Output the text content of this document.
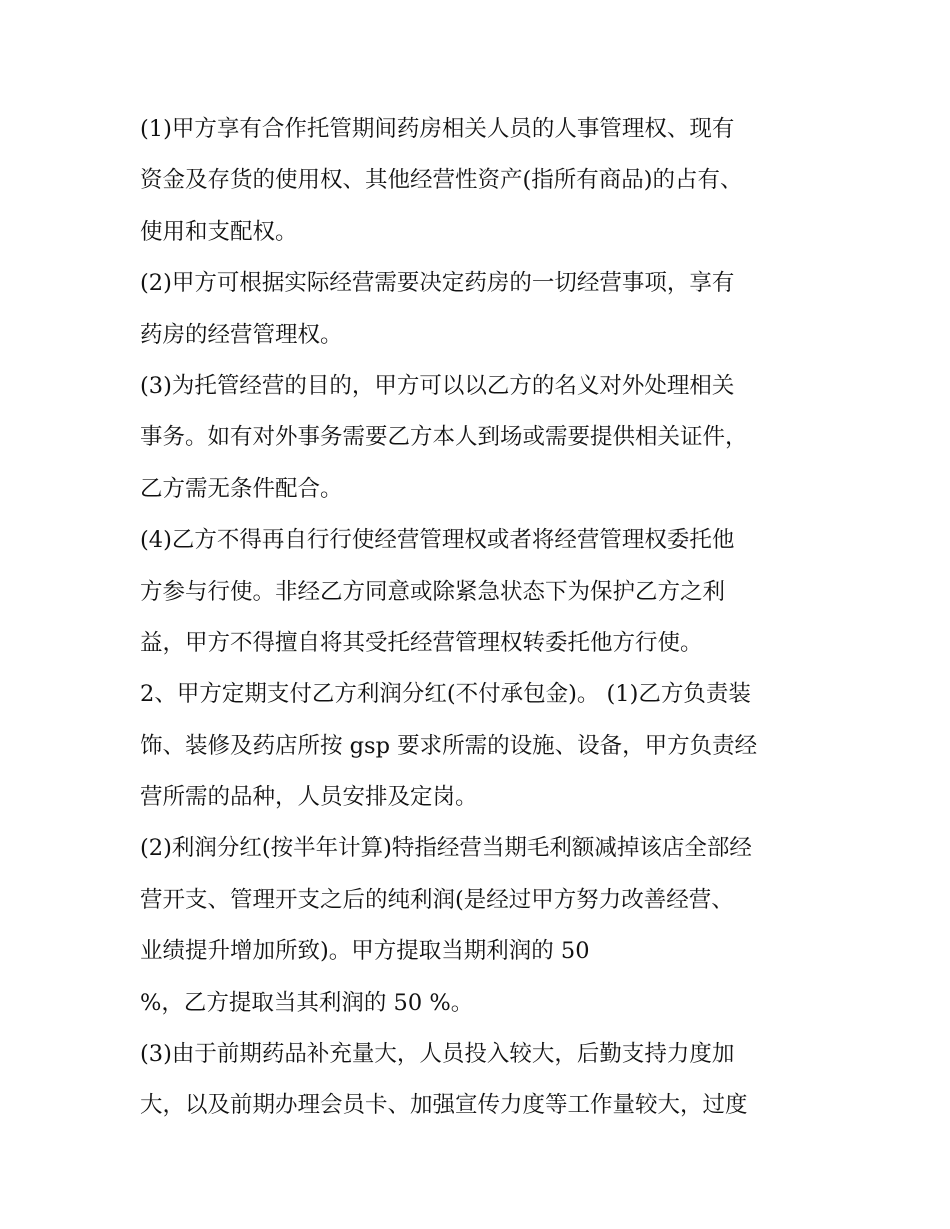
(1)甲方享有合作托管期间药房相关人员的人事管理权、现有
资金及存货的使用权、其他经营性资产(指所有商品)的占有、
使用和支配权。
(2)甲方可根据实际经营需要决定药房的一切经营事项，享有
药房的经营管理权。
(3)为托管经营的目的，甲方可以以乙方的名义对外处理相关
事务。如有对外事务需要乙方本人到场或需要提供相关证件，
乙方需无条件配合。
(4)乙方不得再自行行使经营管理权或者将经营管理权委托他
方参与行使。非经乙方同意或除紧急状态下为保护乙方之利
益，甲方不得擅自将其受托经营管理权转委托他方行使。
2、甲方定期支付乙方利润分红(不付承包金)。 (1)乙方负责装
饰、装修及药店所按 gsp 要求所需的设施、设备，甲方负责经
营所需的品种，人员安排及定岗。
(2)利润分红(按半年计算)特指经营当期毛利额减掉该店全部经
营开支、管理开支之后的纯利润(是经过甲方努力改善经营、
业绩提升增加所致)。甲方提取当期利润的 50
%，乙方提取当其利润的 50 %。
(3)由于前期药品补充量大，人员投入较大，后勤支持力度加
大，以及前期办理会员卡、加强宣传力度等工作量较大，过度
